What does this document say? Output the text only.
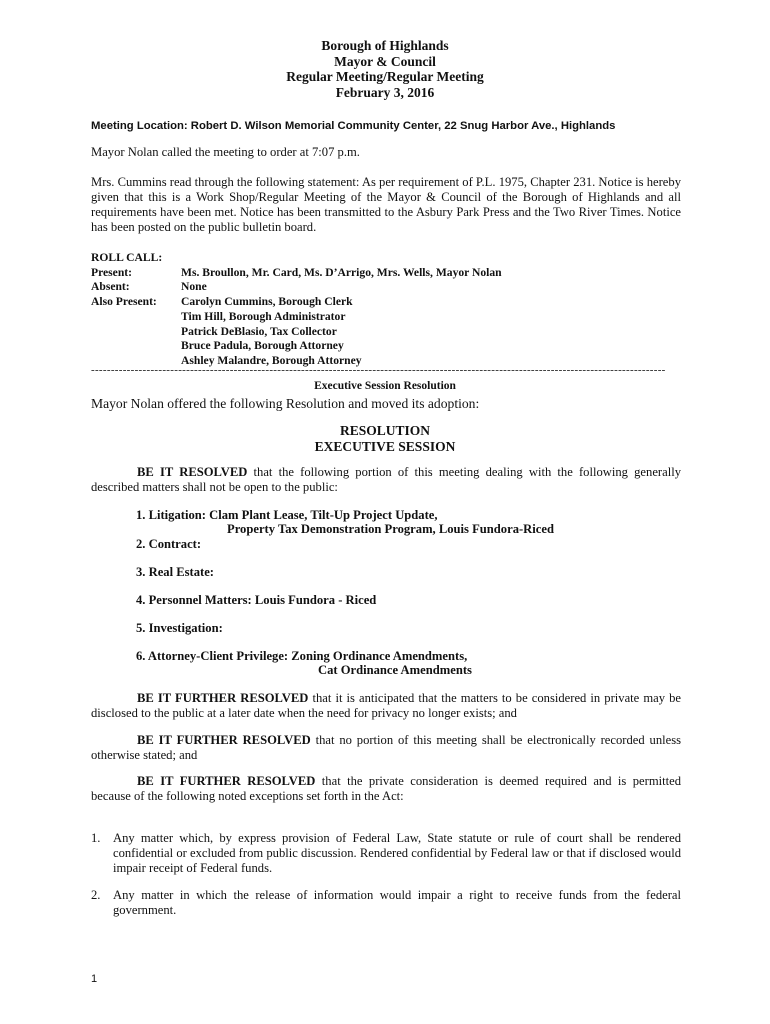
Borough of Highlands
Mayor & Council
Regular Meeting/Regular Meeting
February 3, 2016
Meeting Location: Robert D. Wilson Memorial Community Center, 22 Snug Harbor Ave., Highlands
Mayor Nolan called the meeting to order at 7:07 p.m.
Mrs. Cummins read through the following statement: As per requirement of P.L. 1975, Chapter 231. Notice is hereby given that this is a Work Shop/Regular Meeting of the Mayor & Council of the Borough of Highlands and all requirements have been met. Notice has been transmitted to the Asbury Park Press and the Two River Times. Notice has been posted on the public bulletin board.
ROLL CALL:
Present:	Ms. Broullon, Mr. Card, Ms. D’Arrigo, Mrs. Wells, Mayor Nolan
Absent:	None
Also Present:	Carolyn Cummins, Borough Clerk
Tim Hill, Borough Administrator
Patrick DeBlasio, Tax Collector
Bruce Padula, Borough Attorney
Ashley Malandre, Borough Attorney
-------------------------------------------------------------------------------------------------------------------------------------------------
Executive Session Resolution
Mayor Nolan offered the following Resolution and moved its adoption:
RESOLUTION
EXECUTIVE SESSION
BE IT RESOLVED that the following portion of this meeting dealing with the following generally described matters shall not be open to the public:
1. Litigation: Clam Plant Lease, Tilt-Up Project Update,
Property Tax Demonstration Program, Louis Fundora-Riced
2. Contract:
3. Real Estate:
4. Personnel Matters: Louis Fundora - Riced
5. Investigation:
6. Attorney-Client Privilege: Zoning Ordinance Amendments,
Cat Ordinance Amendments
BE IT FURTHER RESOLVED that it is anticipated that the matters to be considered in private may be disclosed to the public at a later date when the need for privacy no longer exists; and
BE IT FURTHER RESOLVED that no portion of this meeting shall be electronically recorded unless otherwise stated; and
BE IT FURTHER RESOLVED that the private consideration is deemed required and is permitted because of the following noted exceptions set forth in the Act:
1. Any matter which, by express provision of Federal Law, State statute or rule of court shall be rendered confidential or excluded from public discussion. Rendered confidential by Federal law or that if disclosed would impair receipt of Federal funds.
2. Any matter in which the release of information would impair a right to receive funds from the federal government.
1
